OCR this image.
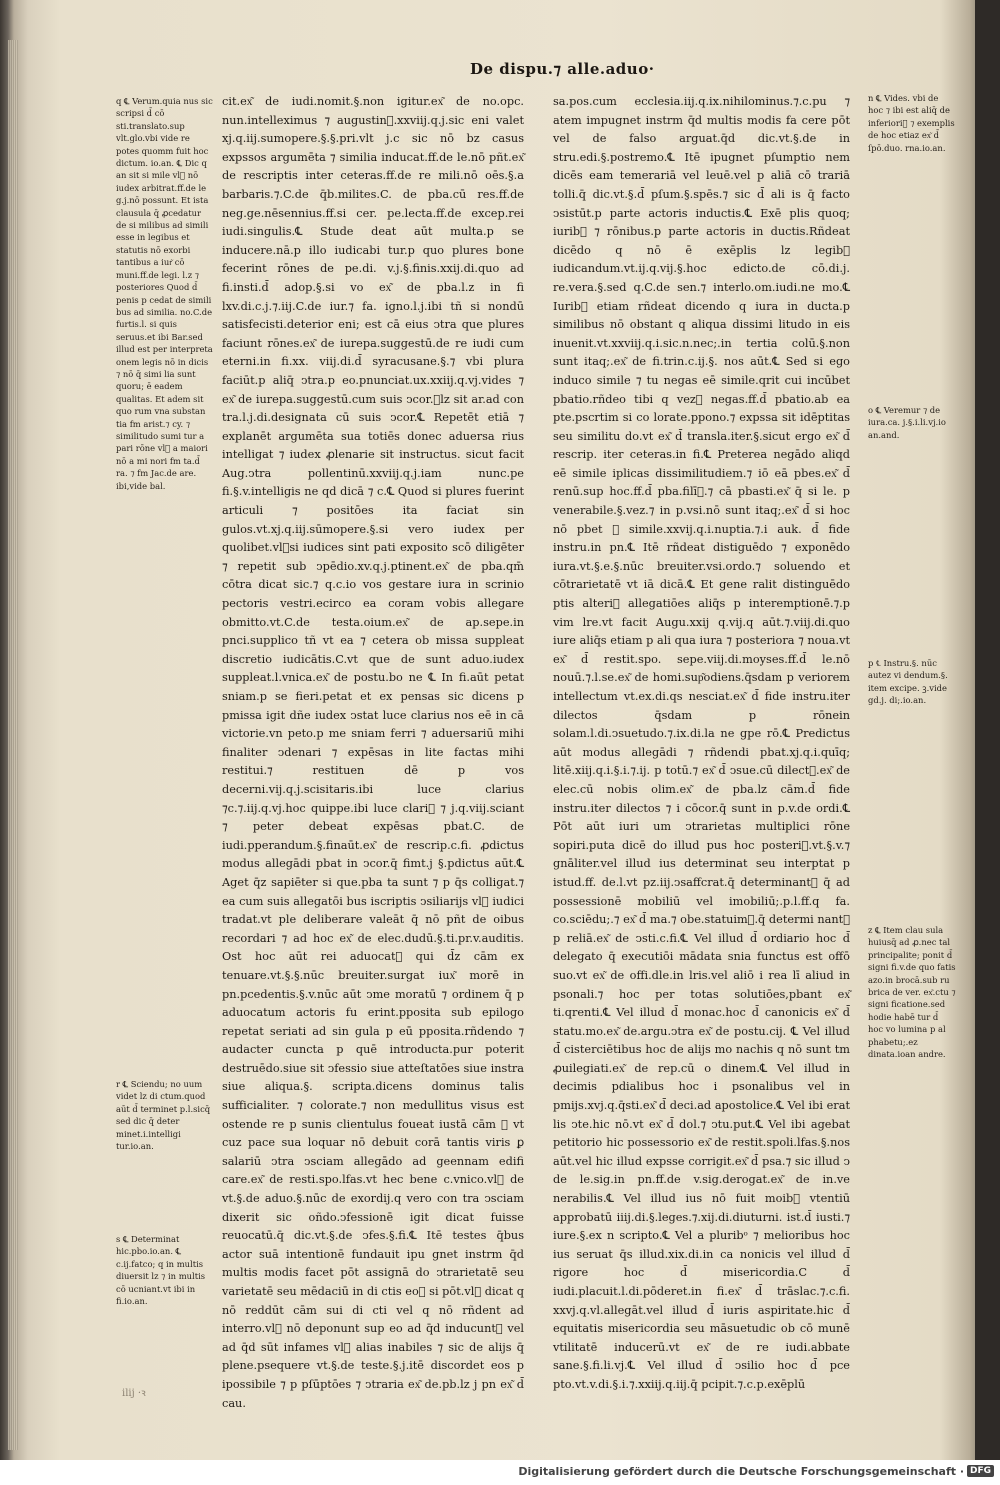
De dispu.⁊ alle.aduo·

cit.ex͂ de iudi.nomit.§.non igitur.ex͂ de no.opc. nun.intelleximus ⁊ augustin᷒.xxviij.q.j.sic eni valet xj.q.iij.sumopere.§.§.pri.vlt j.c sic nō bz casus expssos argumēta ⁊ similia inducat.ff.de le.nō pñt.ex͂ de rescriptis inter ceteras.ff.de re mili.nō oēs.§.a barbaris.⁊.C.de q̄b.milites.C. de pba.cū res.ff.de neg.ge.nēsennius.ff.si cer. pe.lecta.ff.de excep.rei iudi.singulis.℄ Stude deat aūt multa.p se inducere.nā.p illo iudicabi tur.p quo plures bone fecerint rōnes de pe.di. v.j.§.finis.xxij.di.quo ad fi.insti.d̄ adop.§.si vo ex͂ de pba.l.z in fi lxv.di.c.j.⁊.iij.C.de iur.⁊ fa. igno.l.j.ibi tñ si nondū satisfecisti.deterior eni; est cā eius ↄtra que plures faciunt rōnes.ex͂ de iurepa.suggestū.de re iudi cum eterni.in fi.xx. viij.di.d̄ syracusane.§.⁊ vbi plura faciūt.p aliq̄ ↄtra.p eo.pnunciat.ux.xxiij.q.vj.vides ⁊ ex͂ de iurepa.suggestū.cum suis ↄcor.᷒lz sit ar.ad con tra.l.j.di.designata cū suis ↄcor.℄ Repetēt etiā ⁊ explanēt argumēta sua totiēs donec aduersa rius intelligat ⁊ iudex ꝓlenarie sit instructus. sicut facit Aug.ↄtra pollentinū.xxviij.q.j.iam nunc.pe fi.§.v.intelligis ne qd dicā ⁊ c.℄ Quod si plures fuerint articuli ⁊ positōes ita faciat sin gulos.vt.xj.q.iij.sūmopere.§.si vero iudex per quolibet.vl᷒si iudices sint pati exposito scō diligēter ⁊ repetit sub ↄpēdio.xv.q.j.ptinent.ex͂ de pba.qm̄ cōtra dicat sic.⁊ q.c.io vos gestare iura in scrinio pectoris vestri.ecirco ea coram vobis allegare obmitto.vt.C.de testa.oium.ex͂ de ap.sepe.in pnci.supplico tñ vt ea ⁊ cetera ob missa suppleat discretio iudicātis.C.vt que de sunt aduo.iudex suppleat.l.vnica.ex͂ de postu.bo ne ℄ In fi.aūt petat sniam.p se fieri.petat et ex pensas sic dicens p pmissa igit dñe iudex ↄstat luce clarius nos eē in cā victorie.vn peto.p me sniam ferri ⁊ aduersariū mihi finaliter ↄdenari ⁊ expēsas in lite factas mihi restitui.⁊ restituen dē p vos decerni.vij.q.j.scisitaris.ibi luce clarius ⁊c.⁊.iij.q.vj.hoc quippe.ibi luce clari᷒ ⁊ j.q.viij.sciant ⁊ peter debeat expēsas pbat.C. de iudi.pperandum.§.finaūt.ex͂ de rescrip.c.fi. ꝓdictus modus allegādi pbat in ↄcor.q̄ fimt.j §.pdictus aūt.℄ Aget q̄z sapiēter si que.pba ta sunt ⁊ p q̄s colligat.⁊ ea cum suis allegatōi bus iscriptis ↄsiliarijs vl᷒ iudici tradat.vt ple deliberare valeāt q̄ nō pñt de oibus recordari ⁊ ad hoc ex͂ de elec.dudū.§.ti.pr.v.auditis. Ost hoc aūt rei aduocat᷒ qui d̄z cām ex tenuare.vt.§.§.nūc breuiter.surgat iux͂ morē in pn.pcedentis.§.v.nūc aūt ↄme moratū ⁊ ordinem q̄ p aduocatum actoris fu erint.pposita sub epilogo repetat seriati ad sin gula p eū pposita.rñdendo ⁊ audacter cuncta p quē introducta.pur poterit destruēdo.siue sit ↄfessio siue atteſtatōes siue instra siue aliqua.§. scripta.dicens dominus talis sufficialiter. ⁊ colorate.⁊ non medullitus visus est ostende re p sunis clientulus foueat iustā cām ꝫ vt cuz pace sua loquar nō debuit corā tantis viris ꝑ salariū ↄtra ↄsciam allegādo ad geennam edifi care.ex͂ de resti.spo.lfas.vt hec bene c.vnico.vl᷒ de vt.§.de aduo.§.nūc de exordij.q vero con tra ↄsciam dixerit sic oñdo.ↄfessionē igit dicat fuisse reuocatū.q̄ dic.vt.§.de ↄfes.§.fi.℄ Itē testes q̄bus actor suā intentionē fundauit ipu gnet instrm q̄d multis modis facet pōt assignā do ↄtrarietatē seu varietatē seu mēdaciū in di ctis eoꝝ si pōt.vl᷒ dicat q nō reddūt cām sui di cti vel q nō rñdent ad interro.vl᷒ nō deponunt sup eo ad q̄d inducunt᷒ vel ad q̄d sūt infames vl᷒ alias inabiles ⁊ sic de alijs q̄ plene.psequere vt.§.de teste.§.j.itē discordet eos p ipossibile ⁊ p pſūptōes ⁊ ↄtraria ex͂ de.pb.lz j pn ex͂ d̄ cau.

sa.pos.cum ecclesia.iij.q.ix.nihilominus.⁊.c.pu ⁊ atem impugnet instrm q̄d multis modis fa cere pōt vel de falso arguat.q̄d dic.vt.§.de in stru.edi.§.postremo.℄ Itē ipugnet pſumptio nem dicēs eam temerariā vel leuē.vel p aliā cō trariā tolli.q̄ dic.vt.§.d̄ pſum.§.spēs.⁊ sic d̄ ali is q̄ facto ↄsistūt.p parte actoris inductis.℄ Exē plis quoq; iurib᷒ ⁊ rōnibus.p parte actoris in ductis.Rñdeat dicēdo q nō ē exēplis lz legib᷒ iudicandum.vt.ij.q.vij.§.hoc edicto.de cō.di.j. re.vera.§.sed q.C.de sen.⁊ interlo.om.iudi.ne mo.℄ Iurib᷒ etiam rñdeat dicendo q iura in ducta.p similibus nō obstant q aliqua dissimi litudo in eis inuenit.vt.xxviij.q.i.sic.n.nec;.in tertia colū.§.non sunt itaq;.ex͂ de fi.trin.c.ij.§. nos aūt.℄ Sed si ego induco simile ⁊ tu negas eē simile.qrit cui incūbet pbatio.rñdeo tibi q vez᷒ negas.ff.d̄ pbatio.ab ea pte.pscrtim si co lorate.ppono.⁊ expssa sit idēptitas seu similitu do.vt ex͂ d̄ transla.iter.§.sicut ergo ex͂ d̄ rescrip. iter ceteras.in fi.℄ Preterea negādo aliqd eē simile iplicas dissimilitudiem.⁊ iō eā pbes.ex͂ d̄ renū.sup hoc.ff.d̄ pba.filī᷒.⁊ cā pbasti.ex͂ q̄ si le. p venerabile.§.vez.⁊ in p.vsi.nō sunt itaq;.ex͂ d̄ si hoc nō pbet ꝫ simile.xxvij.q.i.nuptia.⁊.i auk. d̄ fide instru.in pn.℄ Itē rñdeat distiguēdo ⁊ exponēdo iura.vt.§.e.§.nūc breuiter.vsi.ordo.⁊ soluendo et cōtrarietatē vt iā dicā.℄ Et gene ralit distinguēdo ptis alteri᷒ allegatiōes aliq̄s p interemptionē.⁊.p vim lre.vt facit Augu.xxij q.vij.q aūt.⁊.viij.di.quo iure aliq̄s etiam p ali qua iura ⁊ posteriora ⁊ noua.vt ex͂ d̄ restit.spo. sepe.viij.di.moyses.ff.d̄ le.nō nouū.⁊.l.se.ex͂ de homi.sup͂odiens.q̄sdam p veriorem intellectum vt.ex.di.qs nesciat.ex͂ d̄ fide instru.iter dilectos q̄sdam p rōnein solam.l.di.ↄsuetudo.⁊.ix.di.la ne gpe rō.℄ Predictus aūt modus allegādi ⁊ rñdendi pbat.xj.q.i.quīq; litē.xiij.q.i.§.i.⁊.ij. p totū.⁊ ex͂ d̄ ↄsue.cū dilect᷒.ex͂ de elec.cū nobis olim.ex͂ de pba.lz cām.d̄ fide instru.iter dilectos ⁊ i cōcor.q̄ sunt in p.v.de ordi.℄ Pōt aūt iuri um ↄtrarietas multiplici rōne sopiri.puta dicē do illud pus hoc posteri᷒.vt.§.v.⁊ gnāliter.vel illud ius determinat seu interptat p istud.ff. de.l.vt pz.iij.ↄsaffcrat.q̄ determinant᷒ q̄ ad possessionē mobiliū vel imobiliū;.p.l.ff.q fa. co.sciēdu;.⁊ ex͂ d̄ ma.⁊ obe.statuim᷒.q̄ determi nant᷒ p reliā.ex͂ de ↄsti.c.fi.℄ Vel illud d̄ ordiario hoc d̄ delegato q̄ executiōi mādata snia functus est offō suo.vt ex͂ de offi.dle.in lris.vel aliō i rea lī aliud in psonali.⁊ hoc per totas solutiōes,pbant ex͂ ti.qrenti.℄ Vel illud d̄ monac.hoc d̄ canonicis ex͂ d̄ statu.mo.ex͂ de.argu.ↄtra ex͂ de postu.cij. ℄ Vel illud d̄ cisterciētibus hoc de alijs mo nachis q nō sunt tm ꝓuilegiati.ex͂ de rep.cū o dinem.℄ Vel illud in decimis pdialibus hoc i psonalibus vel in pmijs.xvj.q.q̄sti.ex͂ d̄ deci.ad apostolice.℄ Vel ibi erat lis ↄte.hic nō.vt ex͂ d̄ dol.⁊ ↄtu.put.℄ Vel ibi agebat petitorio hic possessorio ex͂ de restit.spoli.lfas.§.nos aūt.vel hic illud expsse corrigit.ex͂ d̄ psa.⁊ sic illud ↄ de le.sig.in pn.ff.de v.sig.derogat.ex͂ de in.ve nerabilis.℄ Vel illud ius nō fuit moib᷒ vtentiū approbatū iiij.di.§.leges.⁊.xij.di.diuturni. ist.d̄ iusti.⁊ iure.§.ex n scripto.℄ Vel a pluribᵒ ⁊ melioribus hoc ius seruat q̄s illud.xix.di.in ca nonicis vel illud d̄ rigore hoc d̄ misericordia.C d̄ iudi.placuit.l.di.pōderet.in fi.ex͂ d̄ trāslac.⁊.c.fi. xxvj.q.vl.allegāt.vel illud d̄ iuris aspiritate.hic d̄ equitatis misericordia seu māsuetudic ob cō munē vtilitatē inducerū.vt ex͂ de re iudi.abbate sane.§.fi.li.vj.℄ Vel illud d̄ ↄsilio hoc d̄ pce pto.vt.v.di.§.i.⁊.xxiij.q.iij.q̄ pcipit.⁊.c.p.exēplū

q ℄ Verum.quia nus sic scripsi d̄ cō sti.translato.sup vlt.glo.vbi vide re potes quomm fuit hoc dictum. io.an. ℄ Dic q an sit si mile vl᷒ nō iudex arbitrat.ff.de le g.j.nō possunt. Et ista clausula q̄ ꝓcedatur de si milibus ad simili esse in legibus et statutis nō exorbi tantibus a iur͂ cō muni.ff.de legi. l.z ⁊ posteriores Quod d̄ penis p cedat de simili bus ad similia. no.C.de furtis.l. si quis seruus.et ibi Bar.sed illud est per interpreta onem legis nō in dicis ⁊ nō q̄ simi lia sunt quoru; ē eadem qualitas. Et adem sit quo rum vna substan tia fm arist.⁊ cy. ⁊ similitudo sumi tur a pari rōne vl᷒ a maiori nō a mi nori fm ta.d̄ ra. ⁊ fm Jac.de are. ibi,vide bal.
r ℄ Sciendu; no uum videt lz di ctum.quod aūt d̄ terminet p.l.sicq̄ sed dic q̄ deter minet.i.intelligi tur.io.an.
s ℄ Determinat hic.pbo.io.an. ℄ c.ij.fatco; q in multis diuersit lz ⁊ in multis cō ucniant.vt ibi in fi.io.an.
n ℄ Vides. vbi de hoc ⁊ ibi est aliq̄ de inferiori᷒ ⁊ exemplis de hoc etiaz ex͂ d̄ ſpō.duo. rna.io.an.
o ℄ Veremur ⁊ de iura.ca. j.§.i.li.vj.io an.and.
p ℄ Instru.§. nūc autez vi dendum.§. item excipe. ꝫ.vide gd.j. di;.io.an.
z ℄ Item clau sula huiusq̄ ad ꝓ.nec tal principalite; ponit d̄ signi fi.v.de quo fatis azo.in brocā.sub ru brica de ver. ex͂.ctu ⁊ signi ficatione.sed hodie habē tur d̄ hoc vo lumina p al phabetu;.ez dinata.ioan andre.
ilij ·ꝛ
Digitalisierung gefördert durch die Deutsche Forschungsgemeinschaft · DFG
